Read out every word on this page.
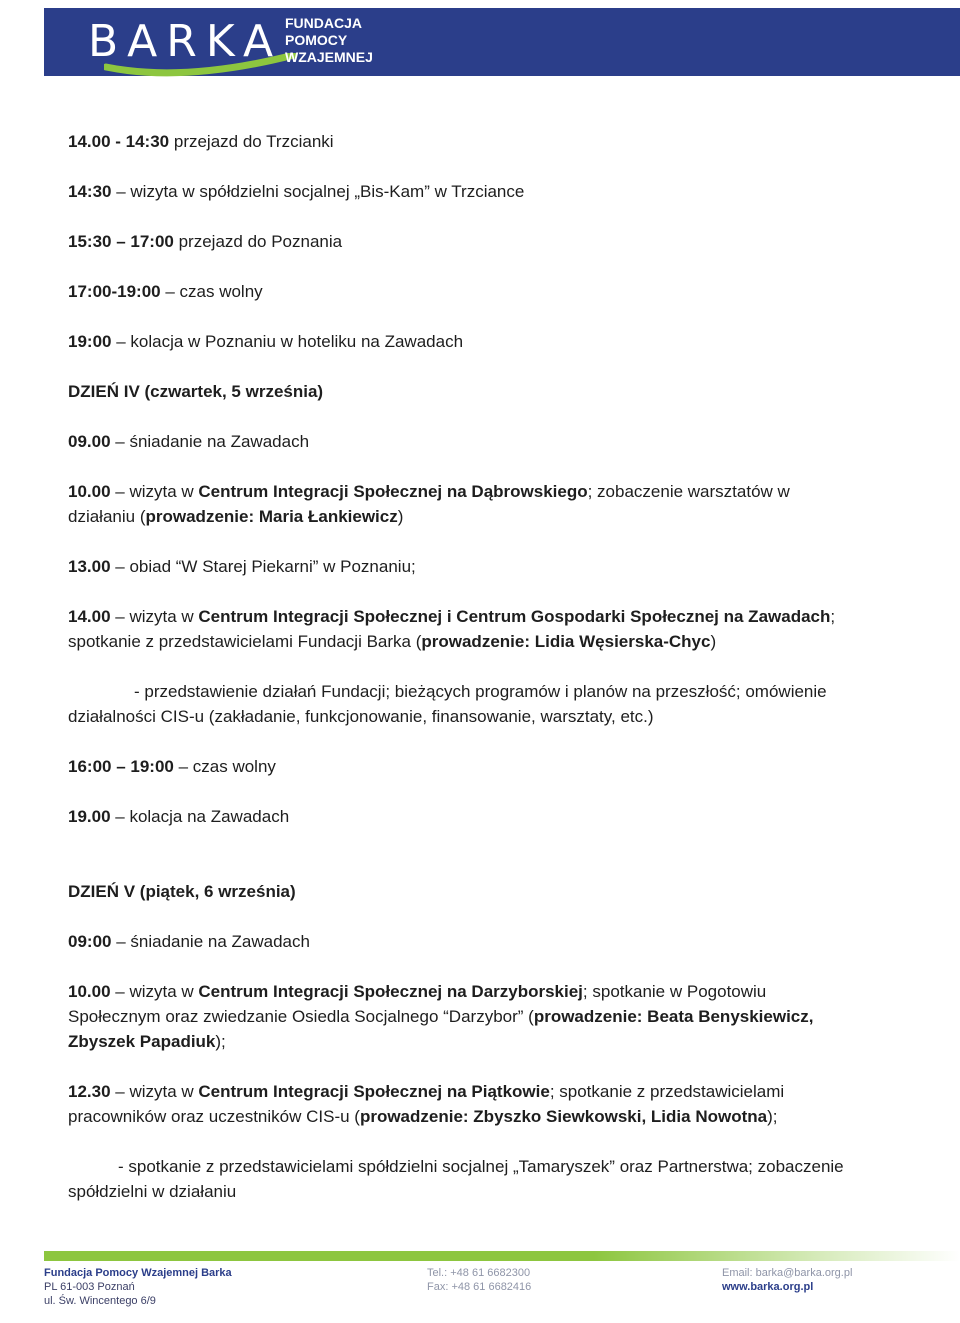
BARKA FUNDACJA
POMOCY
WZAJEMNEJ

14.00 - 14:30 przejazd do Trzcianki

14:30 – wizyta w spółdzielni socjalnej „Bis-Kam” w Trzciance

15:30 – 17:00 przejazd do Poznania

17:00-19:00 – czas wolny

19:00 – kolacja w Poznaniu w hoteliku na Zawadach

DZIEŃ IV (czwartek, 5 września)

09.00 – śniadanie na Zawadach

10.00 – wizyta w Centrum Integracji Społecznej na Dąbrowskiego; zobaczenie warsztatów w działaniu (prowadzenie: Maria Łankiewicz)

13.00 – obiad “W Starej Piekarni” w Poznaniu;

14.00 – wizyta w Centrum Integracji Społecznej i Centrum Gospodarki Społecznej na Zawadach; spotkanie z przedstawicielami Fundacji Barka (prowadzenie: Lidia Węsierska-Chyc)

- przedstawienie działań Fundacji; bieżących programów i planów na przeszłość; omówienie działalności CIS-u (zakładanie, funkcjonowanie, finansowanie, warsztaty, etc.)

16:00 – 19:00 – czas wolny

19.00 – kolacja na Zawadach

DZIEŃ V (piątek, 6 września)

09:00 – śniadanie na Zawadach

10.00 – wizyta w Centrum Integracji Społecznej na Darzyborskiej; spotkanie w Pogotowiu Społecznym oraz zwiedzanie Osiedla Socjalnego “Darzybor” (prowadzenie: Beata Benyskiewicz, Zbyszek Papadiuk);

12.30 – wizyta w Centrum Integracji Społecznej na Piątkowie; spotkanie z przedstawicielami pracowników oraz uczestników CIS-u (prowadzenie: Zbyszko Siewkowski, Lidia Nowotna);

- spotkanie z przedstawicielami spółdzielni socjalnej „Tamaryszek” oraz Partnerstwa; zobaczenie spółdzielni w działaniu

Fundacja Pomocy Wzajemnej Barka
PL 61-003 Poznań
ul. Św. Wincentego 6/9
Tel.: +48 61 6682300
Fax: +48 61 6682416
Email: barka@barka.org.pl
www.barka.org.pl
